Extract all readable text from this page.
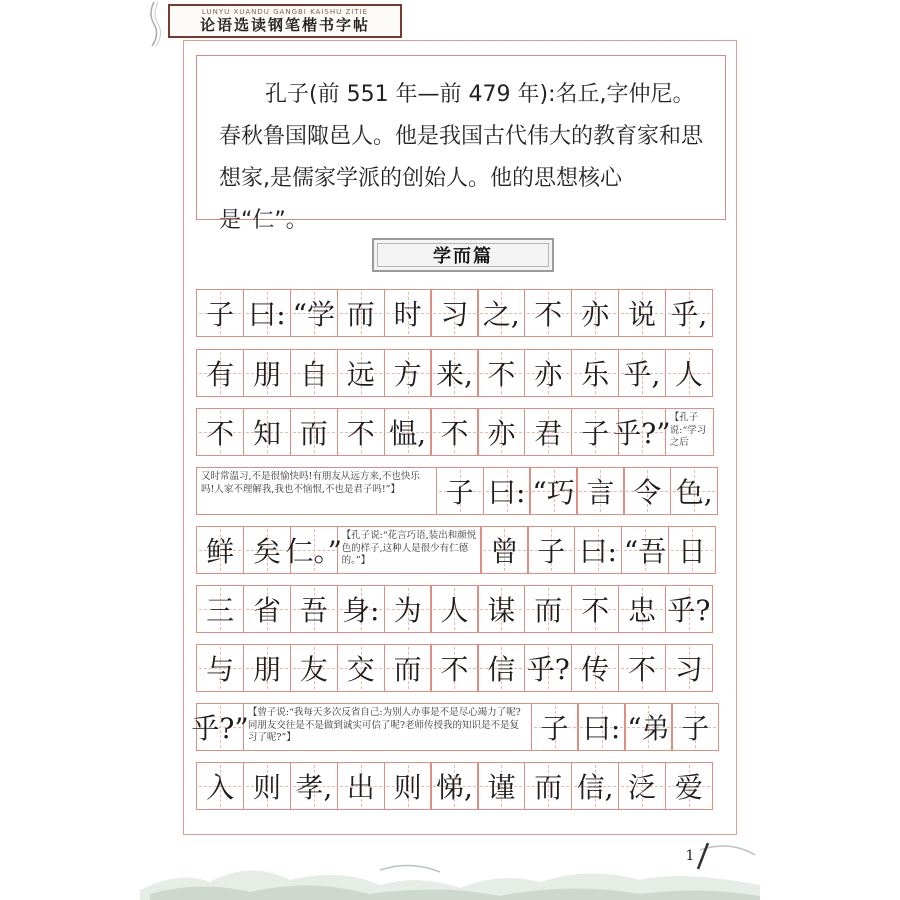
LUNYU XUANDU GANGBI KAISHU ZITIE
论语选读钢笔楷书字帖

孔子(前 551 年—前 479 年):名丘,字仲尼。春秋鲁国陬邑人。他是我国古代伟大的教育家和思想家,是儒家学派的创始人。他的思想核心是“仁”。

学而篇
子 曰: “学 而 时 习 之, 不 亦 说 乎,
有 朋 自 远 方 来, 不 亦 乐 乎, 人
不 知 而 不 愠, 不 亦 君 子 乎?” 【孔子说:“学习之后
又时常温习,不是很愉快吗!有朋友从远方来,不也快乐吗!人家不理解我,我也不恼恨,不也是君子吗!”】	子 曰: “巧 言 令 色,
鲜 矣 仁。” 【孔子说:“花言巧语,装出和颜悦色的样子,这种人是很少有仁德的。”】	曾 子 曰: “吾 日
三 省 吾 身: 为 人 谋 而 不 忠 乎?
与 朋 友 交 而 不 信 乎? 传 不 习
乎?” 【曾子说:“我每天多次反省自己:为别人办事是不是尽心竭力了呢?同朋友交往是不是做到诚实可信了呢?老师传授我的知识是不是复习了呢?”】	子 曰: “弟 子
入 则 孝, 出 则 悌, 谨 而 信, 泛 爱
1
